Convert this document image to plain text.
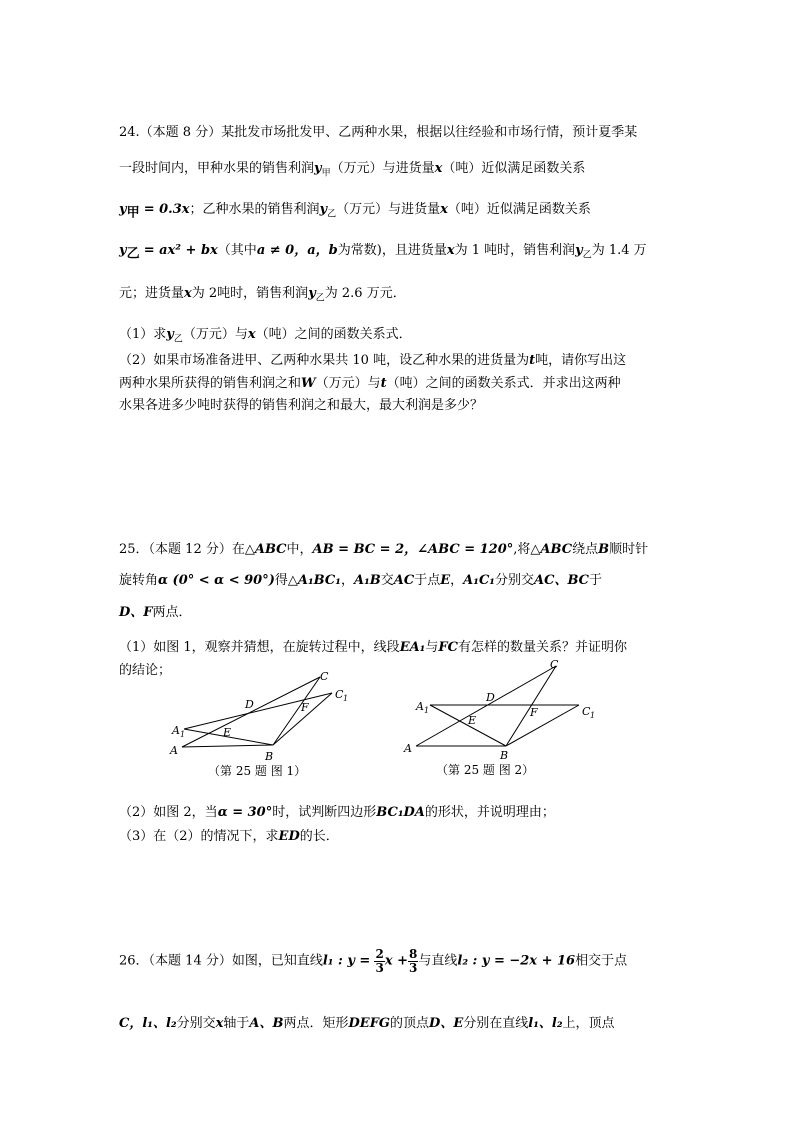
24.（本题 8 分）某批发市场批发甲、乙两种水果，根据以往经验和市场行情，预计夏季某
一段时间内，甲种水果的销售利润$y_甲$（万元）与进货量x（吨）近似满足函数关系
$y_甲 = 0.3x$；乙种水果的销售利润$y_乙$（万元）与进货量x（吨）近似满足函数关系
$y_乙 = ax^2 + bx$（其中a ≠ 0，a，b为常数)，且进货量x为 1 吨时，销售利润$y_乙$为 1.4 万
元；进货量x为 2吨时，销售利润$y_乙$为 2.6 万元．
（1）求$y_乙$（万元）与x（吨）之间的函数关系式．
（2）如果市场准备进甲、乙两种水果共 10 吨，设乙种水果的进货量为t吨，请你写出这
两种水果所获得的销售利润之和W（万元）与t（吨）之间的函数关系式．并求出这两种
水果各进多少吨时获得的销售利润之和最大，最大利润是多少？
25．（本题 12 分）在△ABC中，AB = BC = 2，∠ABC = 120°,将△ABC绕点B顺时针
旋转角α (0° < α < 90°)得△A₁BC₁，A₁B交AC于点E，A₁C₁分别交AC、BC于
D、F两点．
（1）如图 1，观察并猜想，在旋转过程中，线段EA₁与FC有怎样的数量关系？并证明你
的结论；
A
A 1
B
C
C 1
D
E
F
（第 25 题 图 1）
A
A 1
B
C
C 1
D
E
F
（第 25 题 图 2）
（2）如图 2，当α = 30°时，试判断四边形BC₁DA的形状，并说明理由；
（3）在（2）的情况下，求ED的长．
26．（本题 14 分）如图，已知直线l₁ : $y = \frac{2}{3}$ $x + \frac{8}{3}$ 与直线l₂ : y = −2x + 16相交于点
C，l₁、l₂分别交x轴于A、B两点．矩形DEFG的顶点D、E分别在直线l₁、l₂上，顶点
